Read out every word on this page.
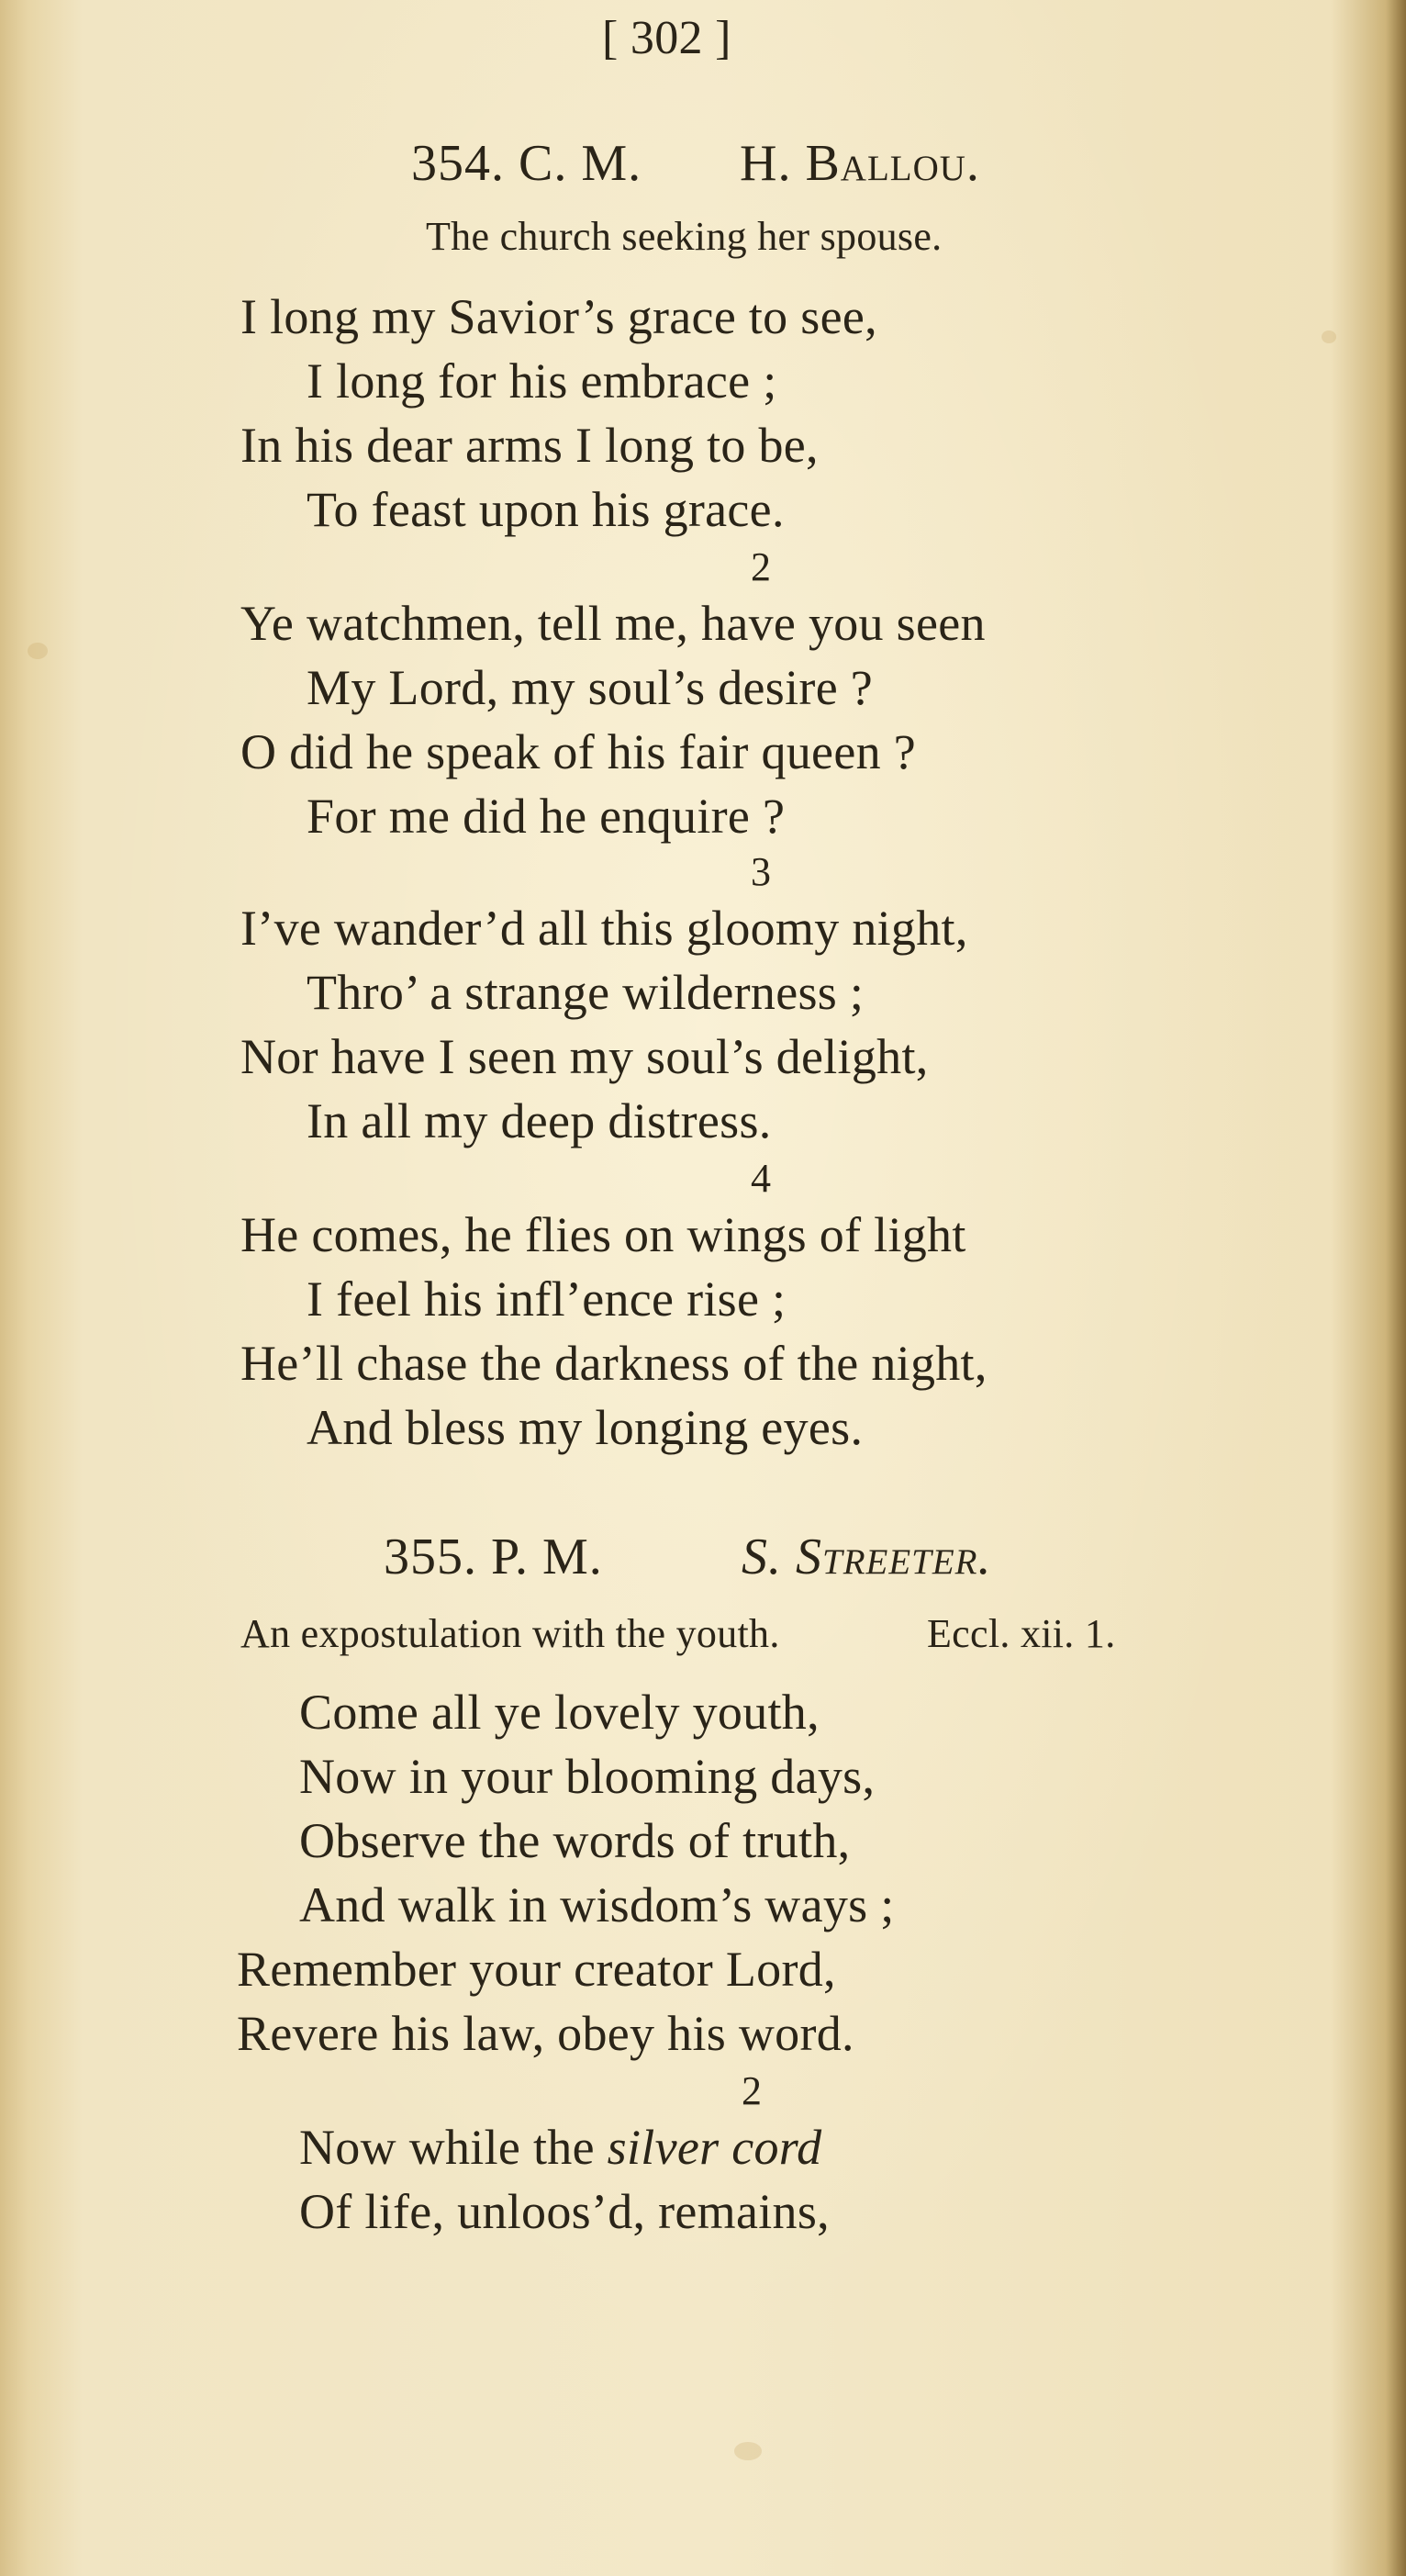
[ 302 ]
354. C. M. H. Ballou.
The church seeking her spouse.
I long my Savior’s grace to see,
I long for his embrace ;
In his dear arms I long to be,
To feast upon his grace.
2
Ye watchmen, tell me, have you seen
My Lord, my soul’s desire ?
O did he speak of his fair queen ?
For me did he enquire ?
3
I’ve wander’d all this gloomy night,
Thro’ a strange wilderness ;
Nor have I seen my soul’s delight,
In all my deep distress.
4
He comes, he flies on wings of light
I feel his infl’ence rise ;
He’ll chase the darkness of the night,
And bless my longing eyes.
355. P. M.	S. Streeter.
An expostulation with the youth.	Eccl. xii. 1.
Come all ye lovely youth,
Now in your blooming days,
Observe the words of truth,
And walk in wisdom’s ways ;
Remember your creator Lord,
Revere his law, obey his word.
2
Now while the silver cord
Of life, unloos’d, remains,
